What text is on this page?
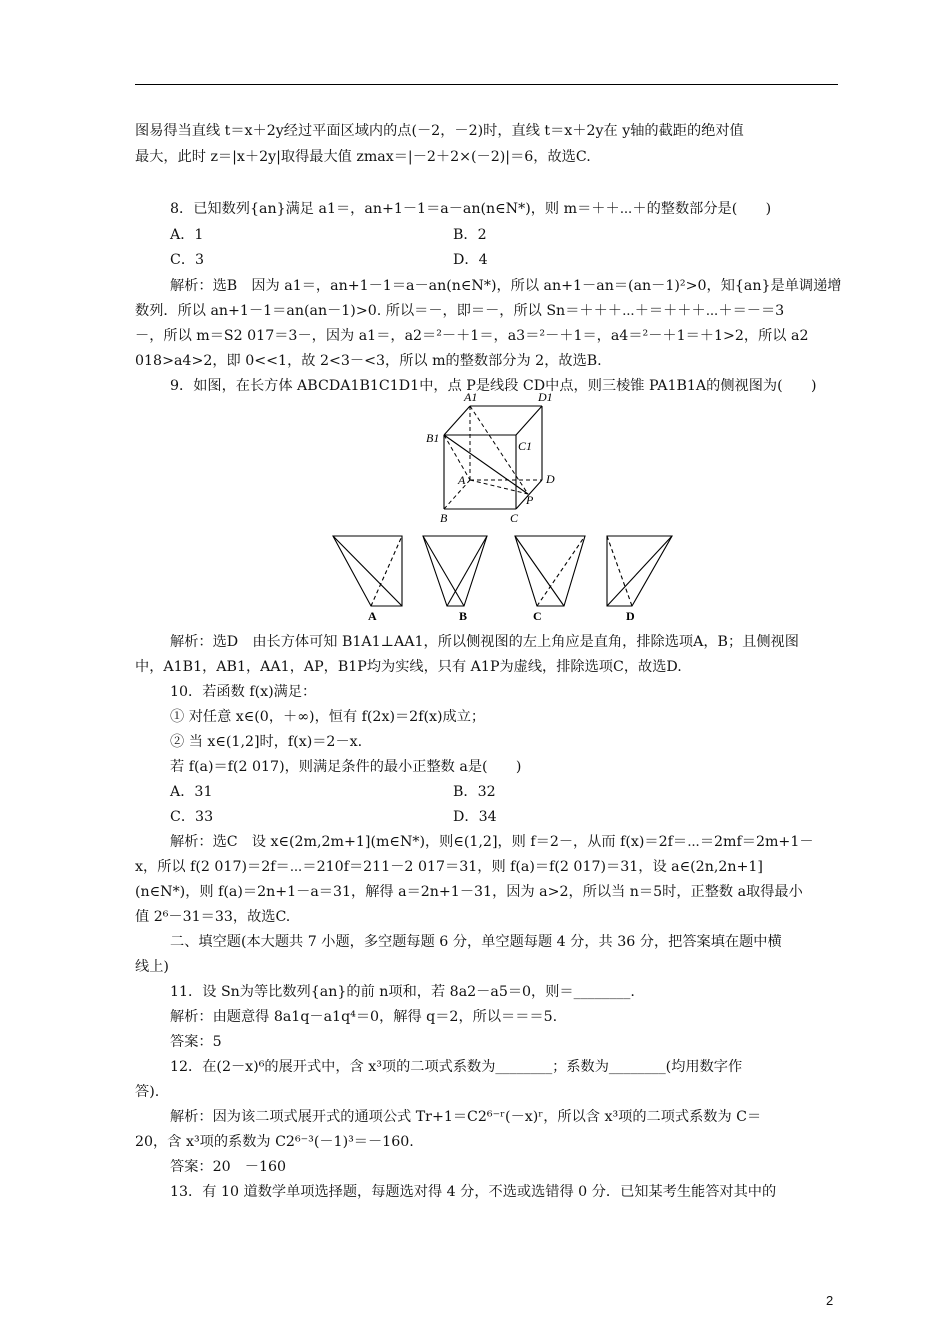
图易得当直线 t＝x＋2y经过平面区域内的点(－2，－2)时，直线 t＝x＋2y在 y轴的截距的绝对值
最大，此时 z＝|x＋2y|取得最大值 zmax＝|－2＋2×(－2)|＝6，故选C.
8．已知数列{an}满足 a1＝，an+1－1＝a－an(n∈N*)，则 m＝＋＋⋯＋的整数部分是(　　)
A．1	B．2
C．3	D．4
解析：选B　因为 a1＝，an+1－1＝a－an(n∈N*)，所以 an+1－an＝(an－1)²>0，知{an}是单调递增
数列．所以 an+1－1＝an(an－1)>0. 所以＝－，即＝－，所以 Sn＝＋＋＋⋯＋＝＋＋＋⋯＋＝－＝3
－，所以 m＝S2 017＝3－，因为 a1＝，a2＝²－＋1＝，a3＝²－＋1＝，a4＝²－＋1＝＋1>2，所以 a2
018>a4>2，即 0<<1，故 2<3－<3，所以 m的整数部分为 2，故选B.
9．如图，在长方体 ABCDA1B1C1D1中，点 P是线段 CD中点，则三棱锥 PA1B1A的侧视图为(　　)
A1	D1
B1
C1
A	D
P
B	C
A	B	C	D
解析：选D　由长方体可知 B1A1⊥AA1，所以侧视图的左上角应是直角，排除选项A，B；且侧视图
中，A1B1，AB1，AA1，AP，B1P均为实线，只有 A1P为虚线，排除选项C，故选D.
10．若函数 f(x)满足：
① 对任意 x∈(0，＋∞)，恒有 f(2x)＝2f(x)成立；
② 当 x∈(1,2]时，f(x)＝2－x.
若 f(a)＝f(2 017)，则满足条件的最小正整数 a是(　　)
A．31	B．32
C．33	D．34
解析：选C　设 x∈(2m,2m+1](m∈N*)，则∈(1,2]，则 f＝2－，从而 f(x)＝2f＝⋯＝2mf＝2m+1－
x，所以 f(2 017)＝2f＝⋯＝210f＝211－2 017＝31，则 f(a)＝f(2 017)＝31，设 a∈(2n,2n+1]
(n∈N*)，则 f(a)＝2n+1－a＝31，解得 a＝2n+1－31，因为 a>2，所以当 n＝5时，正整数 a取得最小
值 2⁶－31＝33，故选C.
二、填空题(本大题共 7 小题，多空题每题 6 分，单空题每题 4 分，共 36 分，把答案填在题中横
线上)
11．设 Sn为等比数列{an}的前 n项和，若 8a2－a5＝0，则＝________.
解析：由题意得 8a1q－a1q⁴＝0，解得 q＝2，所以＝＝＝5.
答案：5
12．在(2－x)⁶的展开式中，含 x³项的二项式系数为________；系数为________(均用数字作
答).
解析：因为该二项式展开式的通项公式 Tr+1＝C2⁶⁻ʳ(－x)ʳ，所以含 x³项的二项式系数为 C＝
20，含 x³项的系数为 C2⁶⁻³(－1)³＝－160.
答案：20　－160
13．有 10 道数学单项选择题，每题选对得 4 分，不选或选错得 0 分．已知某考生能答对其中的
2
